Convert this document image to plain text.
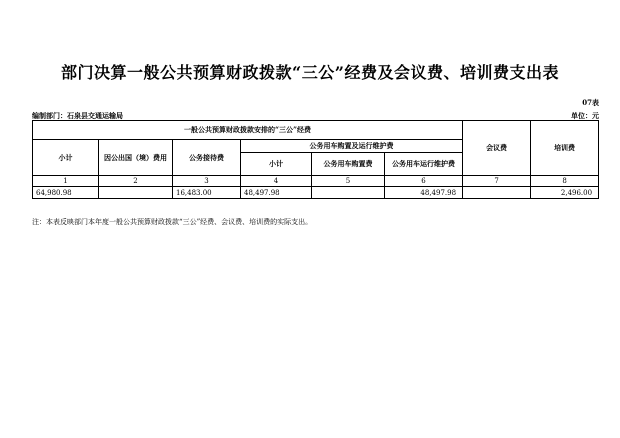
部门决算一般公共预算财政拨款“三公”经费及会议费、培训费支出表
07表
编制部门：石泉县交通运输局	单位：元
一般公共预算财政拨款安排的“三公”经费						会议费	培训费
小计	因公出国（境）费用	公务接待费	公务用车购置及运行维护费				
			小计	公务用车购置费	公务用车运行维护费		
1	2	3	4	5	6	7	8
64,980.98		16,483.00	48,497.98		48,497.98		2,496.00
注：本表反映部门本年度一般公共预算财政拨款“三公”经费、会议费、培训费的实际支出。
